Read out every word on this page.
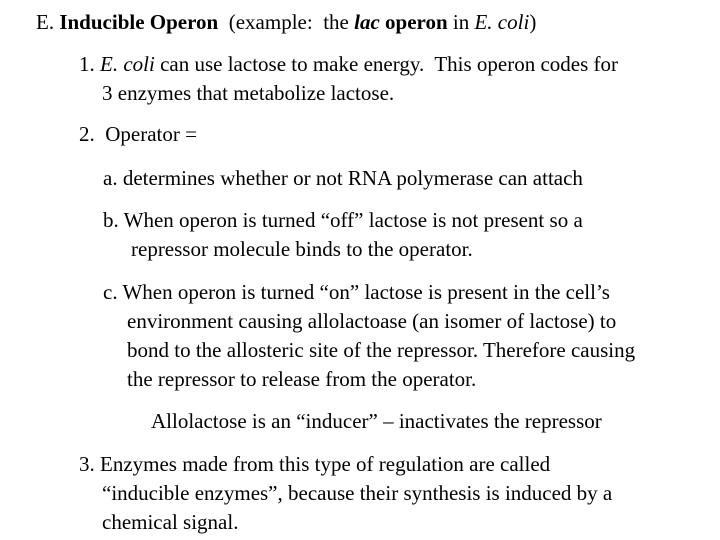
E. Inducible Operon  (example:  the lac operon in E. coli)
1. E. coli can use lactose to make energy.  This operon codes for
3 enzymes that metabolize lactose.
2.  Operator =
a. determines whether or not RNA polymerase can attach
b. When operon is turned “off” lactose is not present so a
repressor molecule binds to the operator.
c. When operon is turned “on” lactose is present in the cell’s
environment causing allolactoase (an isomer of lactose) to
bond to the allosteric site of the repressor. Therefore causing
the repressor to release from the operator.
Allolactose is an “inducer” – inactivates the repressor
3. Enzymes made from this type of regulation are called
“inducible enzymes”, because their synthesis is induced by a
chemical signal.
